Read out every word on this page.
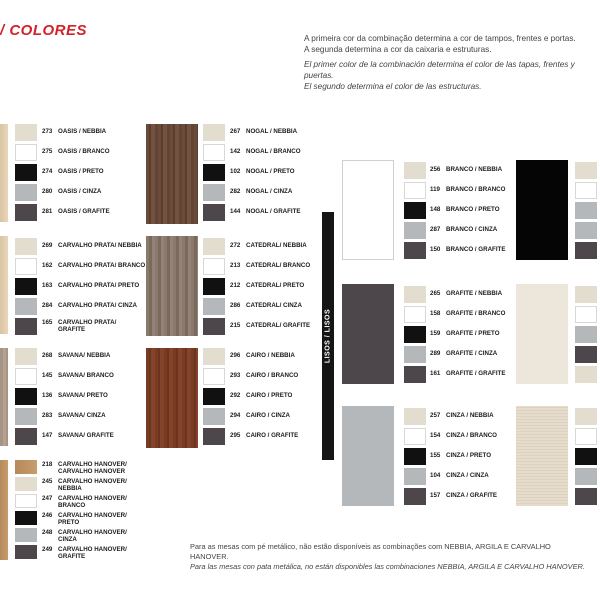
/ COLORES	A primeira cor da combinação determina a cor de tampos, frentes e portas.

A segunda determina a cor da caixaria e estruturas.

El primer color de la combinación determina el color de las tapas, frentes y puertas.

El segundo determina el color de las estructuras.

LISOS / LISOS
273 OASIS / NEBBIA
275 OASIS / BRANCO
274 OASIS / PRETO
280 OASIS / CINZA
281 OASIS / GRAFITE
269 CARVALHO PRATA/ NEBBIA
162 CARVALHO PRATA/ BRANCO
163 CARVALHO PRATA/ PRETO
284 CARVALHO PRATA/ CINZA
165 CARVALHO PRATA/
GRAFITE
268 SAVANA/ NEBBIA
145 SAVANA/ BRANCO
136 SAVANA/ PRETO
283 SAVANA/ CINZA
147 SAVANA/ GRAFITE
218 CARVALHO HANOVER/
CARVALHO HANOVER
245 CARVALHO HANOVER/
NEBBIA
247 CARVALHO HANOVER/
BRANCO
246 CARVALHO HANOVER/
PRETO
248 CARVALHO HANOVER/
CINZA
249 CARVALHO HANOVER/
GRAFITE
267 NOGAL / NEBBIA
142 NOGAL / BRANCO
102 NOGAL / PRETO
282 NOGAL / CINZA
144 NOGAL / GRAFITE
272 CATEDRAL/ NEBBIA
213 CATEDRAL/ BRANCO
212 CATEDRAL/ PRETO
286 CATEDRAL/ CINZA
215 CATEDRAL/ GRAFITE
296 CAIRO / NEBBIA
293 CAIRO / BRANCO
292 CAIRO / PRETO
294 CAIRO / CINZA
295 CAIRO / GRAFITE
256 BRANCO / NEBBIA
119 BRANCO / BRANCO
148 BRANCO / PRETO
287 BRANCO / CINZA
150 BRANCO / GRAFITE
265 GRAFITE / NEBBIA
158 GRAFITE / BRANCO
159 GRAFITE / PRETO
289 GRAFITE / CINZA
161 GRAFITE / GRAFITE
257 CINZA / NEBBIA
154 CINZA / BRANCO
155 CINZA / PRETO
104 CINZA / CINZA
157 CINZA / GRAFITE

Para as mesas com pé metálico, não estão disponíveis as combinações com NEBBIA, ARGILA E CARVALHO HANOVER.

Para las mesas con pata metálica, no están disponibles las combinaciones NEBBIA, ARGILA E CARVALHO HANOVER.
